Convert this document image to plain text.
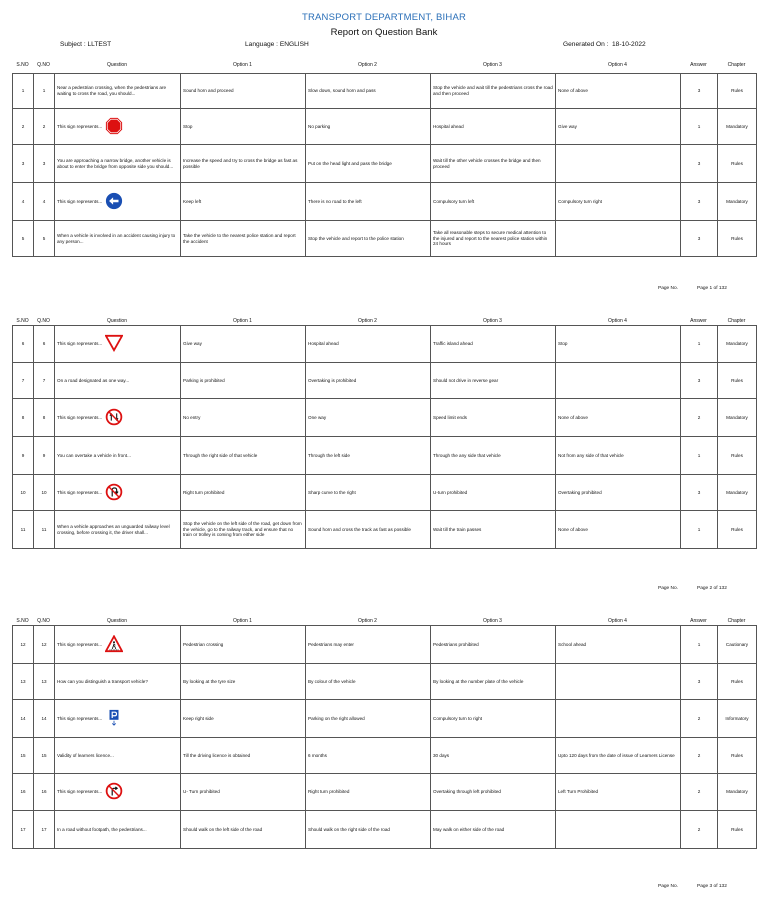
TRANSPORT DEPARTMENT, BIHAR
Report on Question Bank
Subject : LLTEST	Language : ENGLISH	Generated On : 18-10-2022
S.NO	Q.NO	Question	Option 1	Option 2	Option 3	Option 4	Answer	Chapter
1	1	Near a pedestrian crossing, when the pedestrians are waiting to cross the road, you should...	Sound horn and proceed	Slow down, sound horn and pass	Stop the vehicle and wait till the pedestrians cross the road and then proceed	None of above	3	Rules
2	2	This sign represents...	Stop	No parking	Hospital ahead	Give way	1	Mandatory
3	3	You are approaching a narrow bridge, another vehicle is about to enter the bridge from opposite side you should...	Increase the speed and try to cross the bridge as fast as possible	Put on the head light and pass the bridge	Wait till the other vehicle crosses the bridge and then proceed		3	Rules
4	4	This sign represents...	Keep left	There is no road to the left	Compulsory turn left	Compulsory turn right	3	Mandatory
5	5	When a vehicle is involved in an accident causing injury to any person...	Take the vehicle to the nearest police station and report the accident	Stop the vehicle and report to the police station	Take all reasonable steps to secure medical attention to the injured and report to the nearest police station within 24 hours		3	Rules
Page No.	Page 1 of 132
S.NO	Q.NO	Question	Option 1	Option 2	Option 3	Option 4	Answer	Chapter
6	6	This sign represents...	Give way	Hospital ahead	Traffic island ahead	Stop	1	Mandatory
7	7	On a road designated as one way...	Parking is prohibited	Overtaking is prohibited	Should not drive in reverse gear		3	Rules
8	8	This sign represents...	No entry	One way	Speed limit ends	None of above	2	Mandatory
9	9	You can overtake a vehicle in front...	Through the right side of that vehicle	Through the left side	Through the any side that vehicle	Not from any side of that vehicle	1	Rules
10	10	This sign represents...	Right turn prohibited	Sharp curve to the right	U-turn prohibited	Overtaking prohibited	3	Mandatory
11	11	When a vehicle approaches an unguarded railway level crossing, before crossing it, the driver shall...	Stop the vehicle on the left side of the road, get down from the vehicle, go to the railway track, and ensure that no train or trolley is coming from either side	Sound horn and cross the track as fast as possible	Wait till the train passes	None of above	1	Rules
Page No.	Page 2 of 132
S.NO	Q.NO	Question	Option 1	Option 2	Option 3	Option 4	Answer	Chapter
12	12	This sign represents...	Pedestrian crossing	Pedestrians may enter	Pedestrians prohibited	School ahead	1	Cautionary
13	13	How can you distinguish a transport vehicle?	By looking at the tyre size	By colour of the vehicle	By looking at the number plate of the vehicle		3	Rules
14	14	This sign represents...	Keep right side	Parking on the right allowed	Compulsory turn to right		2	Informatory
15	15	Validity of learners licence...	Till the driving licence is obtained	6 months	30 days	Upto 120 days from the date of issue of Learners License	2	Rules
16	16	This sign represents...	U- Turn prohibited	Right turn prohibited	Overtaking through left prohibited	Left Turn Prohibited	2	Mandatory
17	17	In a road without footpath, the pedestrians...	Should walk on the left side of the road	Should walk on the right side of the road	May walk on either side of the road		2	Rules
Page No.	Page 3 of 132
